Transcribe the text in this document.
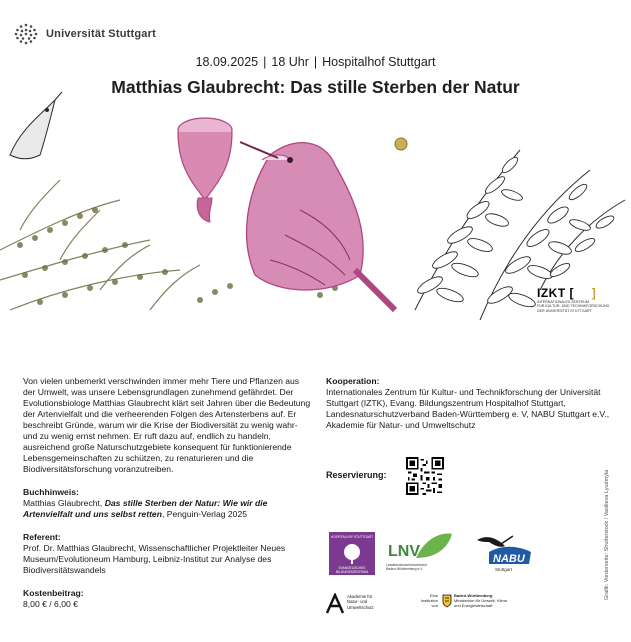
Universität Stuttgart
18.09.2025 | 18 Uhr | Hospitalhof Stuttgart
Matthias Glaubrecht: Das stille Sterben der Natur
IZKT [ ]
INTERNATIONALES ZENTRUM
FÜR KULTUR- UND TECHNIKFORSCHUNG
DER UNIVERSITÄT STUTTGART

Von vielen unbemerkt verschwinden immer mehr Tiere und Pflanzen aus der Umwelt, was unsere Lebensgrundlagen zunehmend gefährdet. Der Evolutionsbiologe Matthias Glaubrecht klärt seit Jahren über die Bedeutung der Artenvielfalt und die verheerenden Folgen des Artensterbens auf. Er beschreibt Gründe, warum wir die Krise der Biodiversität zu wenig wahr- und zu wenig ernst nehmen. Er ruft dazu auf, endlich zu handeln, ausreichend große Naturschutzgebiete konsequent für funktionierende Lebensgemeinschaften zu schützen, zu renaturieren und die Biodiversitätsforschung voranzutreiben.

Buchhinweis:

Matthias Glaubrecht, Das stille Sterben der Natur: Wie wir die Artenvielfalt und uns selbst retten, Penguin-Verlag 2025

Referent:

Prof. Dr. Matthias Glaubrecht, Wissenschaftlicher Projektleiter Neues Museum/Evolutioneum Hamburg, Leibniz-Institut zur Analyse des Biodiversitätswandels

Kostenbeitrag:

8,00 € / 6,00 €

Kooperation:

Internationales Zentrum für Kultur- und Technikforschung der Universität Stuttgart (IZTK), Evang. Bildungszentrum Hospitalhof Stuttgart, Landesnaturschutzverband Baden-Württemberg e. V, NABU Stuttgart e.V., Akademie für Natur- und Umweltschutz

Reservierung:	Grafik: Vorderseite: Shutterstock / Vasilieva Lyudmyla
HOSPITALHOF STUTTGART
EVANGELISCHES BILDUNGSZENTRUM
LNV
Landesnaturschutzverband
Baden-Württemberg e.V.
NABU
Stuttgart
Akademie für
Natur- und
Umweltschutz
Eine
Institution
von
Baden-Württemberg
Ministerium für Umwelt, Klima
und Energiewirtschaft
